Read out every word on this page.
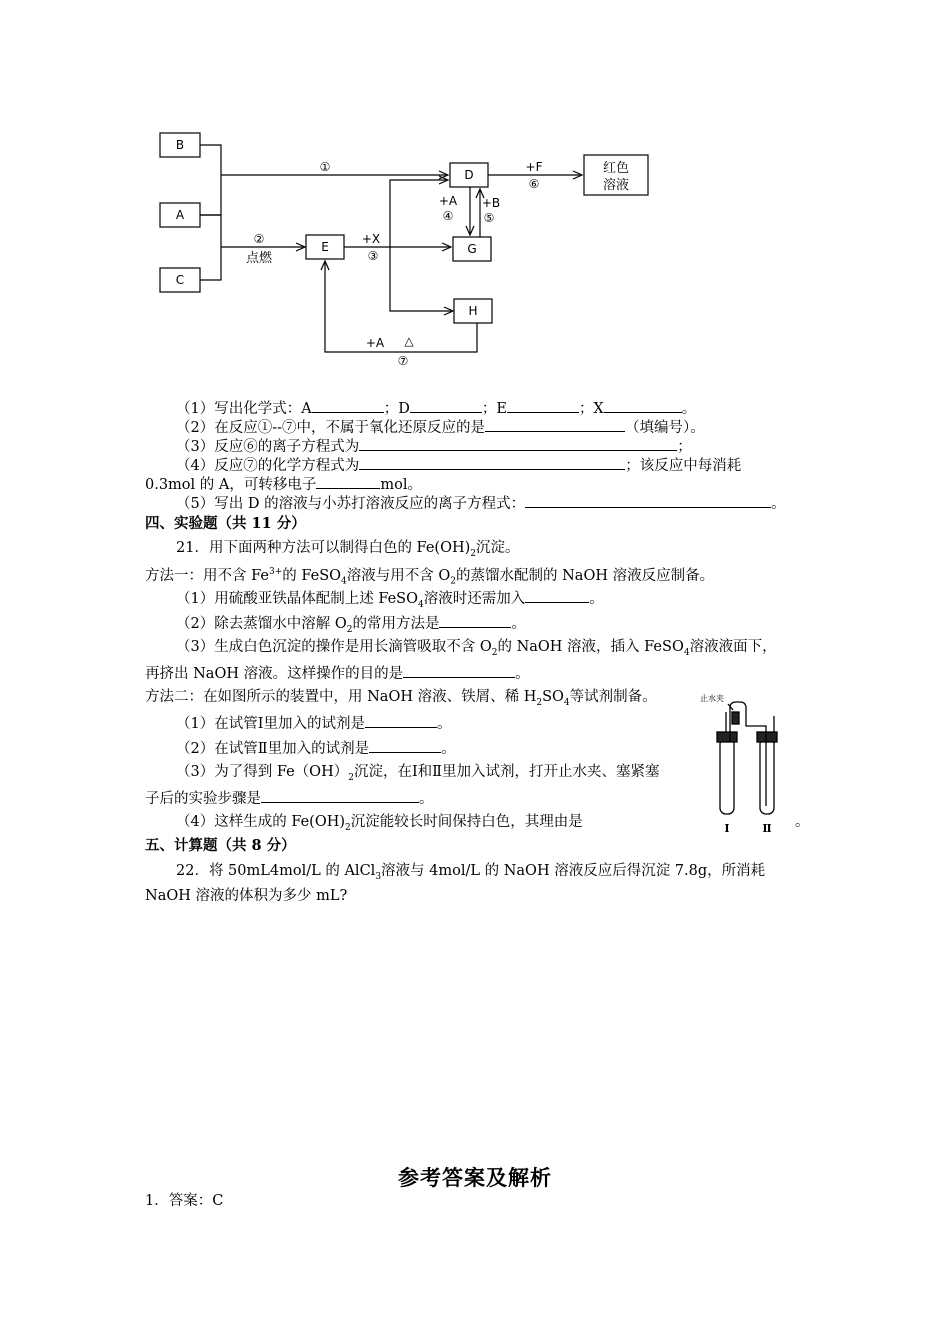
B
A
C
D
E	G
H
红色
溶液
①
②
点燃
+X
③
+A
④
+B
⑤
+F
⑥
+A △
⑦
（1）写出化学式：A	；D	；E	；X	。
（2）在反应①--⑦中，不属于氧化还原反应的是	（填编号）。
（3）反应⑥的离子方程式为	；
（4）反应⑦的化学方程式为	；该反应中每消耗
0.3mol 的 A，可转移电子	mol。
（5）写出 D 的溶液与小苏打溶液反应的离子方程式：	。
四、实验题（共 11 分）
21．用下面两种方法可以制得白色的 $Fe(OH)_2$沉淀。
方法一：用不含 $Fe^{3+}$的 FeSO$_4$溶液与用不含 $O_2$的蒸馏水配制的 NaOH 溶液反应制备。
（1）用硫酸亚铁晶体配制上述 FeSO$_4$溶液时还需加入	。
（2）除去蒸馏水中溶解 $O_2$的常用方法是	。
（3）生成白色沉淀的操作是用长滴管吸取不含 $O_2$的 NaOH 溶液，插入 FeSO$_4$溶液液面下，
再挤出 NaOH 溶液。这样操作的目的是	。
方法二：在如图所示的装置中，用 NaOH 溶液、铁屑、稀 $H_2SO_4$等试剂制备。
（1）在试管Ⅰ里加入的试剂是	。
（2）在试管Ⅱ里加入的试剂是	。
（3）为了得到 $Fe(OH)_2$沉淀，在Ⅰ和Ⅱ里加入试剂，打开止水夹、塞紧塞
子后的实验步骤是	。
（4）这样生成的 $Fe(OH)_2$沉淀能较长时间保持白色，其理由是	。
止水夹
Ⅰ	Ⅱ
五、计算题（共 8 分）
22．将 50mL4mol/L 的 AlCl$_3$溶液与 4mol/L 的 NaOH 溶液反应后得沉淀 7.8g，所消耗
NaOH 溶液的体积为多少 mL?
参考答案及解析
1．答案：C
